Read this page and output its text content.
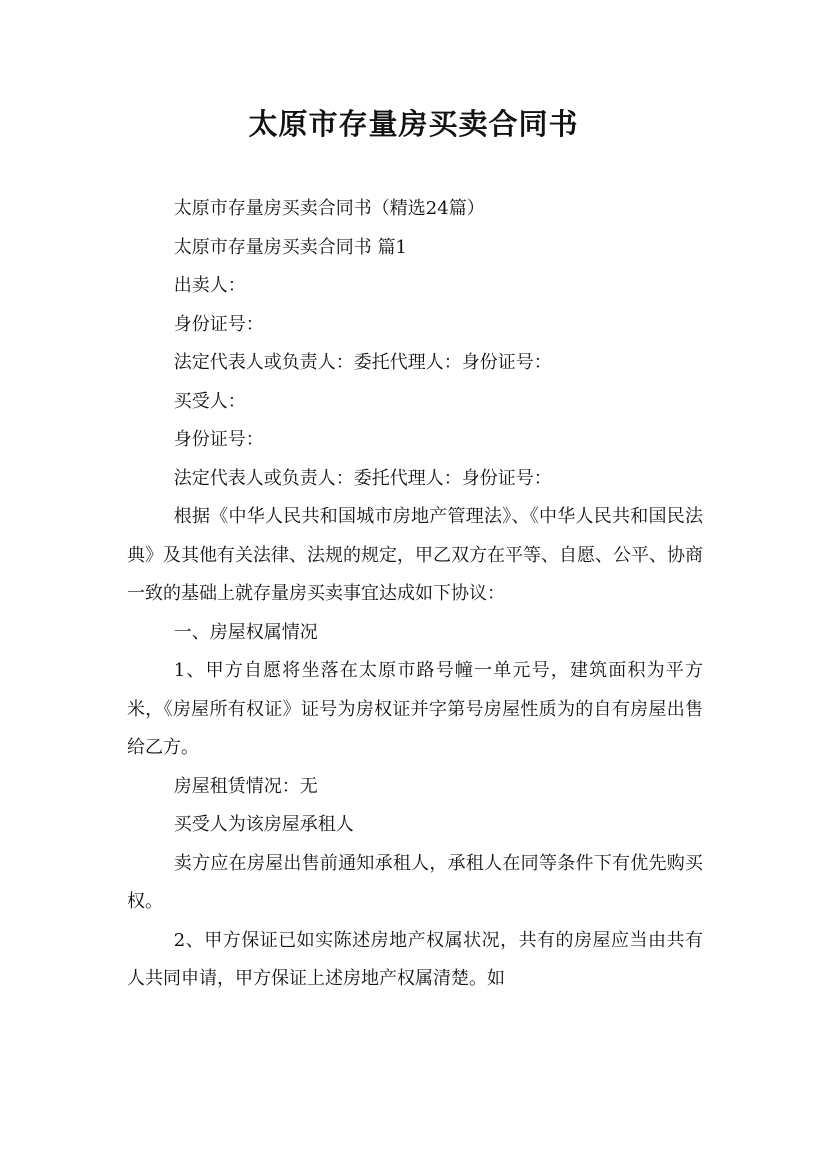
太原市存量房买卖合同书

太原市存量房买卖合同书（精选24篇）

太原市存量房买卖合同书 篇1

出卖人：

身份证号：

法定代表人或负责人：委托代理人：身份证号：

买受人：

身份证号：

法定代表人或负责人：委托代理人：身份证号：

根据《中华人民共和国城市房地产管理法》、《中华人民共和国民法典》及其他有关法律、法规的规定，甲乙双方在平等、自愿、公平、协商一致的基础上就存量房买卖事宜达成如下协议：

一、房屋权属情况

1、甲方自愿将坐落在太原市路号幢一单元号，建筑面积为平方米，《房屋所有权证》证号为房权证并字第号房屋性质为的自有房屋出售给乙方。

房屋租赁情况：无

买受人为该房屋承租人

卖方应在房屋出售前通知承租人，承租人在同等条件下有优先购买权。

2、甲方保证已如实陈述房地产权属状况，共有的房屋应当由共有人共同申请，甲方保证上述房地产权属清楚。如
